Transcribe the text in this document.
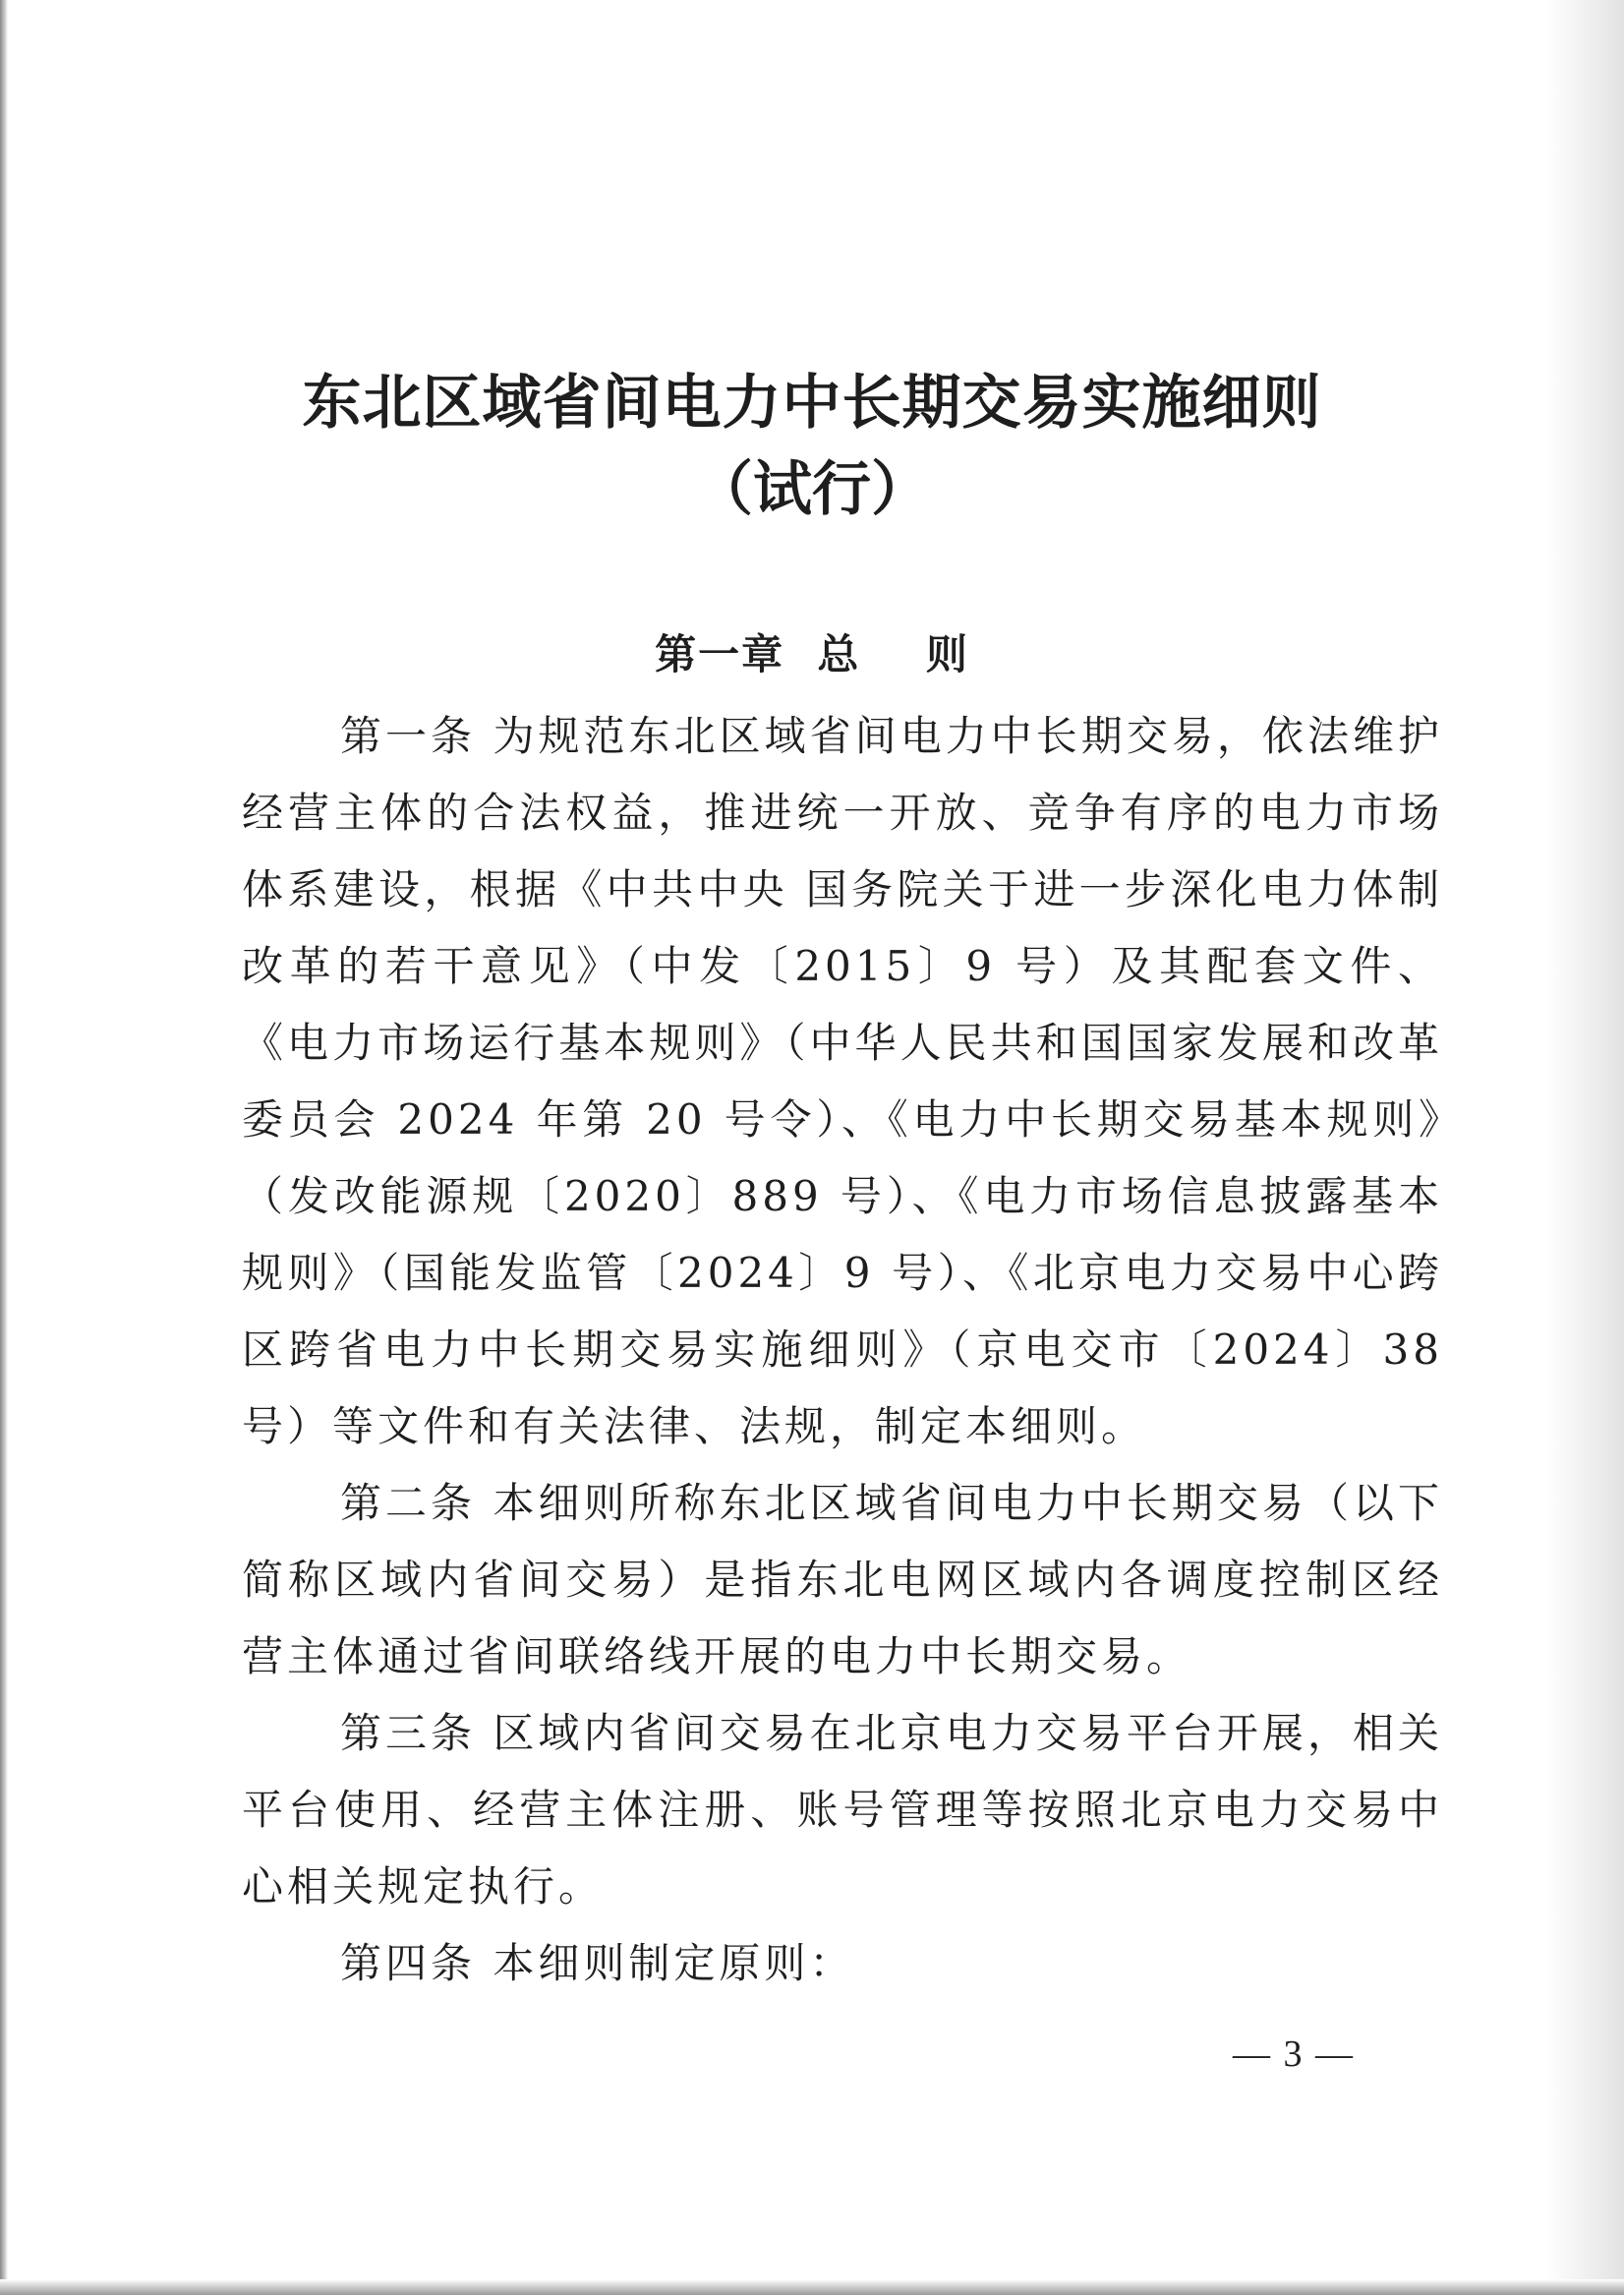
东北区域省间电力中长期交易实施细则
（试行）
第一章  总    则

第一条 为规范东北区域省间电力中长期交易，依法维护经营主体的合法权益，推进统一开放、竞争有序的电力市场体系建设，根据《中共中央 国务院关于进一步深化电力体制改革的若干意见》（中发〔2015〕9 号）及其配套文件、《电力市场运行基本规则》（中华人民共和国国家发展和改革委员会 2024 年第 20 号令）、《电力中长期交易基本规则》（发改能源规〔2020〕889 号）、《电力市场信息披露基本规则》（国能发监管〔2024〕9 号）、《北京电力交易中心跨区跨省电力中长期交易实施细则》（京电交市〔2024〕38 号）等文件和有关法律、法规，制定本细则。

第二条 本细则所称东北区域省间电力中长期交易（以下简称区域内省间交易）是指东北电网区域内各调度控制区经营主体通过省间联络线开展的电力中长期交易。

第三条 区域内省间交易在北京电力交易平台开展，相关平台使用、经营主体注册、账号管理等按照北京电力交易中心相关规定执行。

第四条 本细则制定原则：

— 3 —
